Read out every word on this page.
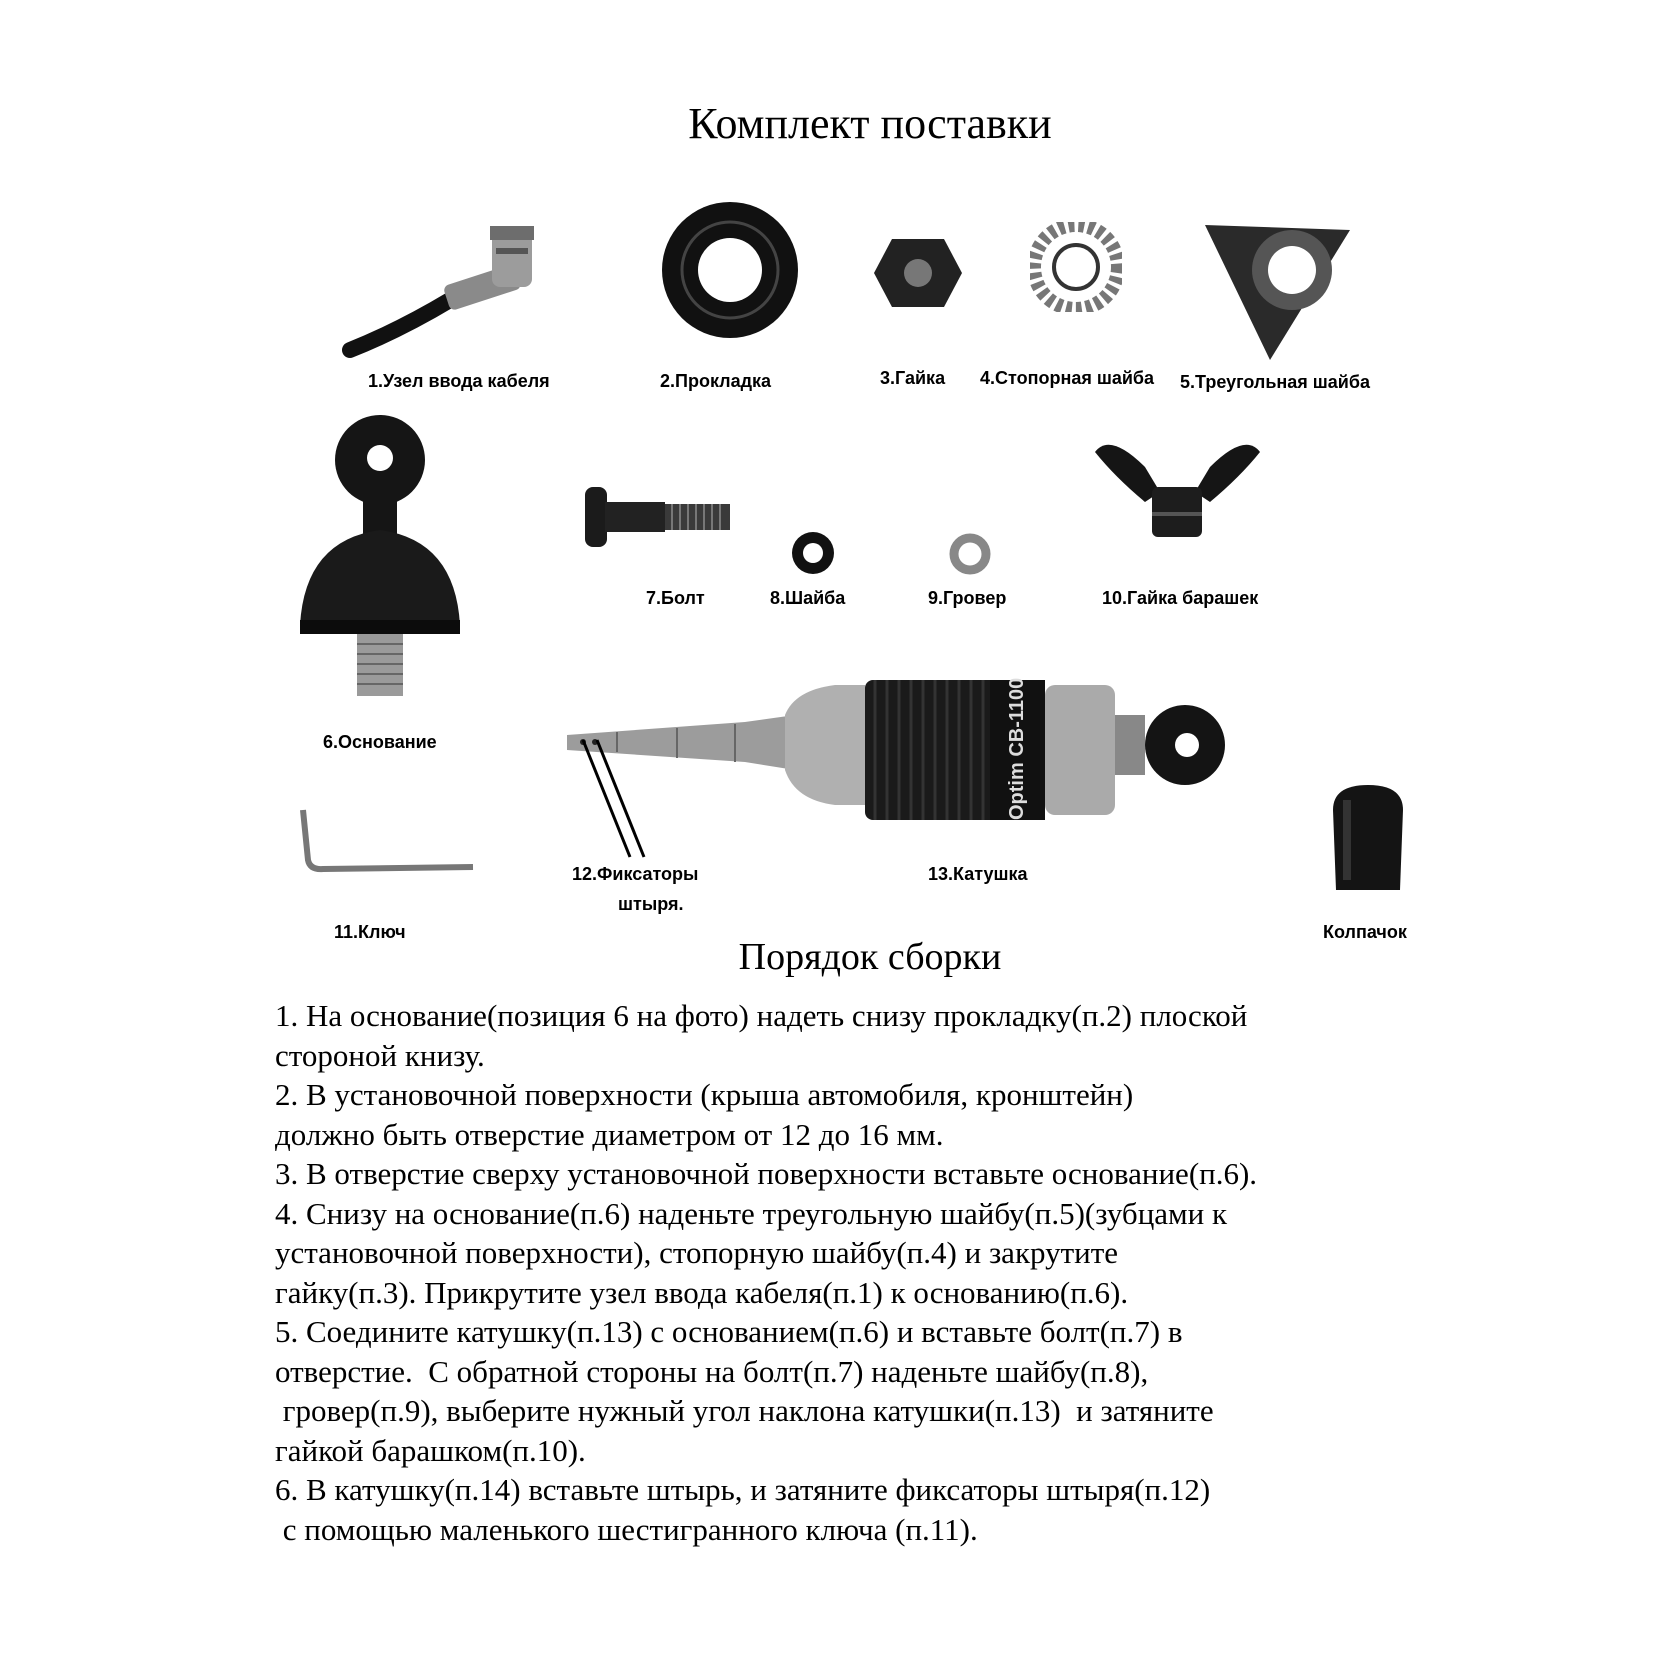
Комплект поставки
1.Узел ввода кабеля	2.Прокладка	3.Гайка 4.Стопорная шайба 5.Треугольная шайба
6.Основание
7.Болт	8.Шайба	9.Гровер	10.Гайка барашек
Optim CB-1100
13.Катушка
12.Фиксаторы
штыря.
11.Ключ	Колпачок
Порядок сборки

1. На основание(позиция 6 на фото) надеть снизу прокладку(п.2) плоской

стороной книзу.

2. В установочной поверхности (крыша автомобиля, кронштейн)

должно быть отверстие диаметром от 12 до 16 мм.

3. В отверстие сверху установочной поверхности вставьте основание(п.6).

4. Снизу на основание(п.6) наденьте треугольную шайбу(п.5)(зубцами к

установочной поверхности), стопорную шайбу(п.4) и закрутите

гайку(п.3). Прикрутите узел ввода кабеля(п.1) к основанию(п.6).

5. Соедините катушку(п.13) с основанием(п.6) и вставьте болт(п.7) в

отверстие.  С обратной стороны на болт(п.7) наденьте шайбу(п.8),

гровер(п.9), выберите нужный угол наклона катушки(п.13)  и затяните

гайкой барашком(п.10).

6. В катушку(п.14) вставьте штырь, и затяните фиксаторы штыря(п.12)

с помощью маленького шестигранного ключа (п.11).
